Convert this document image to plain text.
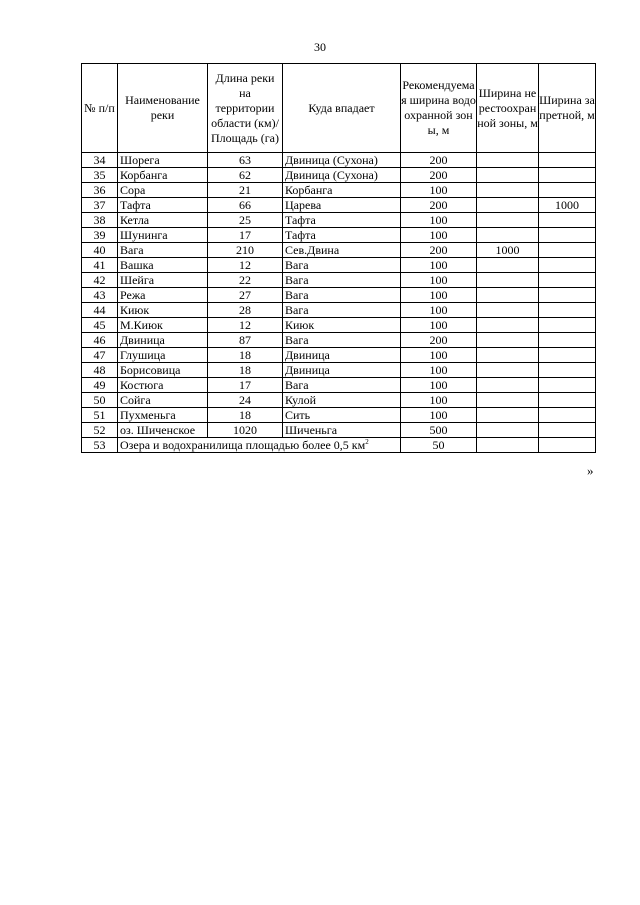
30
№ п/п	Наименование реки	Длина реки на территории области (км)/ Площадь (га)	Куда впадает	Рекомендуемая ширина водоохранной зоны, м	Ширина нерестоохранной зоны, м	Ширина запретной, м
34	Шорега	63	Двиница (Сухона)	200		
35	Корбанга	62	Двиница (Сухона)	200		
36	Сора	21	Корбанга	100		
37	Тафта	66	Царева	200		1000
38	Кетла	25	Тафта	100		
39	Шунинга	17	Тафта	100		
40	Вага	210	Сев.Двина	200	1000	
41	Вашка	12	Вага	100		
42	Шейга	22	Вага	100		
43	Режа	27	Вага	100		
44	Киюк	28	Вага	100		
45	М.Киюк	12	Киюк	100		
46	Двиница	87	Вага	200		
47	Глушица	18	Двиница	100		
48	Борисовица	18	Двиница	100		
49	Костюга	17	Вага	100		
50	Сойга	24	Кулой	100		
51	Пухменьга	18	Сить	100		
52	оз. Шиченское	1020	Шиченьга	500		
53	Озера и водохранилища площадью более 0,5 $км^2$			50		
»
